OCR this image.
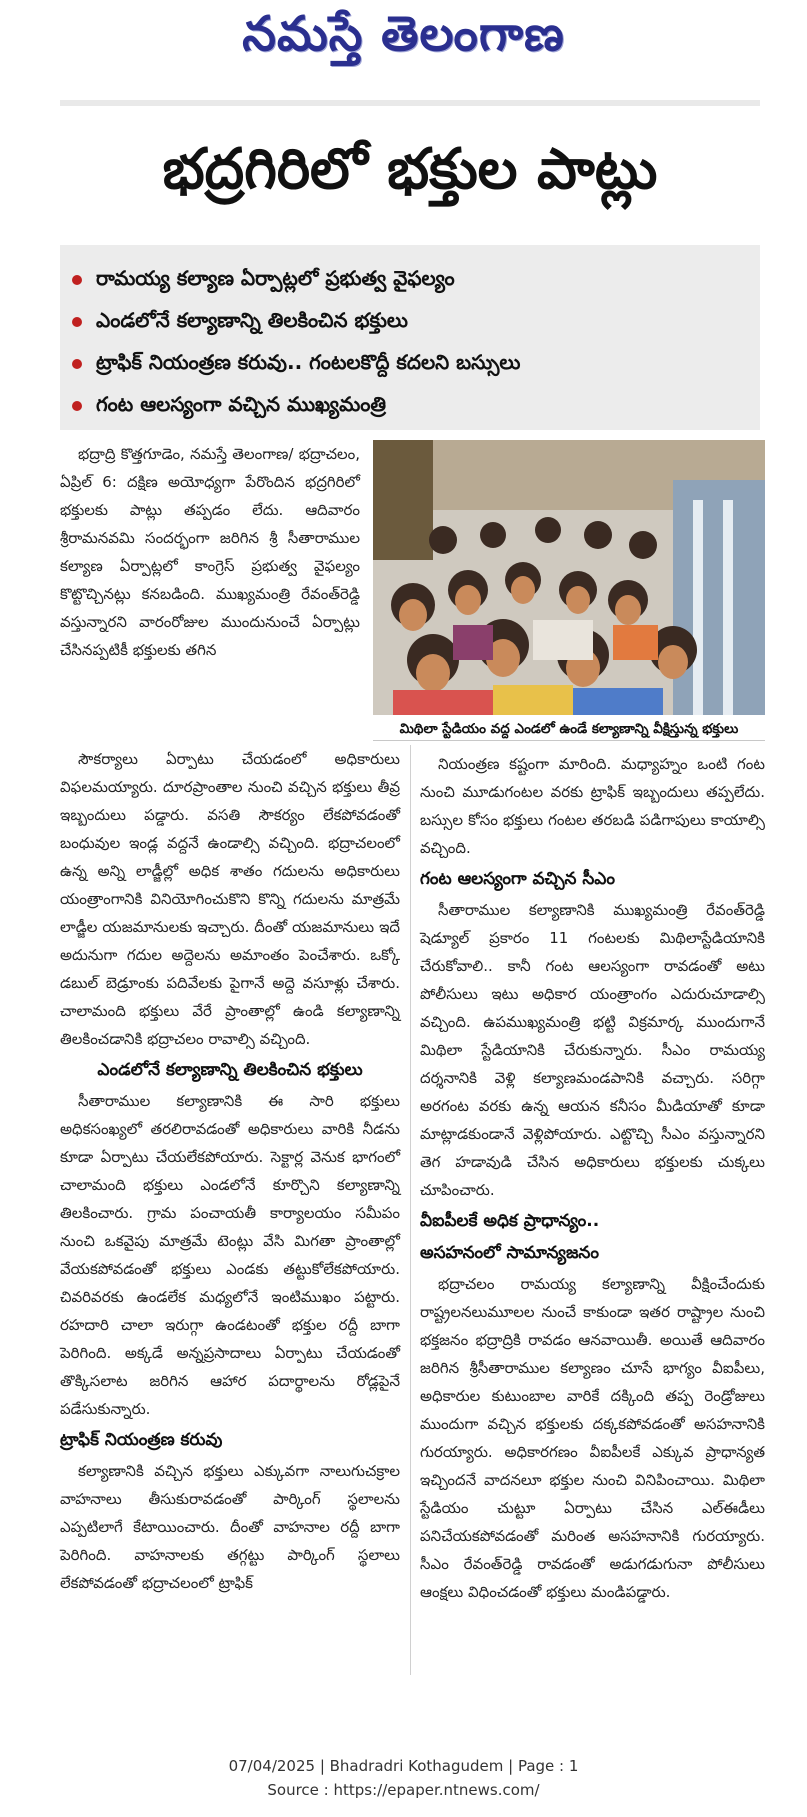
నమస్తే తెలంగాణ
భద్రగిరిలో భక్తుల పాట్లు
రామయ్య కల్యాణ ఏర్పాట్లలో ప్రభుత్వ వైఫల్యం
ఎండలోనే కల్యాణాన్ని తిలకించిన భక్తులు
ట్రాఫిక్ నియంత్రణ కరువు.. గంటలకొద్దీ కదలని బస్సులు
గంట ఆలస్యంగా వచ్చిన ముఖ్యమంత్రి

భద్రాద్రి కొత్తగూడెం, నమస్తే తెలంగాణ/ భద్రాచలం, ఏప్రిల్ 6: దక్షిణ అయోధ్యగా పేరొందిన భద్రగిరిలో భక్తులకు పాట్లు తప్పడం లేదు. ఆదివారం శ్రీరామనవమి సందర్భంగా జరిగిన శ్రీ సీతారాముల కల్యాణ ఏర్పాట్లలో కాంగ్రెస్ ప్రభుత్వ వైఫల్యం కొట్టొచ్చినట్లు కనబడింది. ముఖ్యమంత్రి రేవంత్‌రెడ్డి వస్తున్నారని వారంరోజుల ముందునుంచే ఏర్పాట్లు చేసినప్పటికీ భక్తులకు తగిన

మిథిలా స్టేడియం వద్ద ఎండలో ఉండే కల్యాణాన్ని వీక్షిస్తున్న భక్తులు

సౌకర్యాలు ఏర్పాటు చేయడంలో అధికారులు విఫలమయ్యారు. దూరప్రాంతాల నుంచి వచ్చిన భక్తులు తీవ్ర ఇబ్బందులు పడ్డారు. వసతి సౌకర్యం లేకపోవడంతో బంధువుల ఇండ్ల వద్దనే ఉండాల్సి వచ్చింది. భద్రాచలంలో ఉన్న అన్ని లాడ్జీల్లో అధిక శాతం గదులను అధికారులు యంత్రాంగానికి వినియోగించుకొని కొన్ని గదులను మాత్రమే లాడ్జీల యజమానులకు ఇచ్చారు. దీంతో యజమానులు ఇదే అదునుగా గదుల అద్దెలను అమాంతం పెంచేశారు. ఒక్కో డబుల్ బెడ్రూంకు పదివేలకు పైగానే అద్దె వసూళ్లు చేశారు. చాలామంది భక్తులు వేరే ప్రాంతాల్లో ఉండి కల్యాణాన్ని తిలకించడానికి భద్రాచలం రావాల్సి వచ్చింది.

ఎండలోనే కల్యాణాన్ని తిలకించిన భక్తులు

సీతారాముల కల్యాణానికి ఈ సారి భక్తులు అధికసంఖ్యలో తరలిరావడంతో అధికారులు వారికి నీడను కూడా ఏర్పాటు చేయలేకపోయారు. సెక్టార్ల వెనుక భాగంలో చాలామంది భక్తులు ఎండలోనే కూర్చొని కల్యాణాన్ని తిలకించారు. గ్రామ పంచాయతీ కార్యాలయం సమీపం నుంచి ఒకవైపు మాత్రమే టెంట్లు వేసి మిగతా ప్రాంతాల్లో వేయకపోవడంతో భక్తులు ఎండకు తట్టుకోలేకపోయారు. చివరివరకు ఉండలేక మధ్యలోనే ఇంటిముఖం పట్టారు. రహదారి చాలా ఇరుగ్గా ఉండటంతో భక్తుల రద్దీ బాగా పెరిగింది. అక్కడే అన్నప్రసాదాలు ఏర్పాటు చేయడంతో తొక్కిసలాట జరిగిన ఆహార పదార్థాలను రోడ్లపైనే పడేసుకున్నారు.

ట్రాఫిక్ నియంత్రణ కరువు

కల్యాణానికి వచ్చిన భక్తులు ఎక్కువగా నాలుగుచక్రాల వాహనాలు తీసుకురావడంతో పార్కింగ్ స్థలాలను ఎప్పటిలాగే కేటాయించారు. దీంతో వాహనాల రద్దీ బాగా పెరిగింది. వాహనాలకు తగ్గట్టు పార్కింగ్ స్థలాలు లేకపోవడంతో భద్రాచలంలో ట్రాఫిక్

నియంత్రణ కష్టంగా మారింది. మధ్యాహ్నం ఒంటి గంట నుంచి మూడుగంటల వరకు ట్రాఫిక్ ఇబ్బందులు తప్పలేదు. బస్సుల కోసం భక్తులు గంటల తరబడి పడిగాపులు కాయాల్సి వచ్చింది.

గంట ఆలస్యంగా వచ్చిన సీఎం

సీతారాముల కల్యాణానికి ముఖ్యమంత్రి రేవంత్‌రెడ్డి షెడ్యూల్ ప్రకారం 11 గంటలకు మిథిలాస్టేడియానికి చేరుకోవాలి.. కానీ గంట ఆలస్యంగా రావడంతో అటు పోలీసులు ఇటు అధికార యంత్రాంగం ఎదురుచూడాల్సి వచ్చింది. ఉపముఖ్యమంత్రి భట్టి విక్రమార్క ముందుగానే మిథిలా స్టేడియానికి చేరుకున్నారు. సీఎం రామయ్య దర్శనానికి వెళ్లి కల్యాణమండపానికి వచ్చారు. సరిగ్గా అరగంట వరకు ఉన్న ఆయన కనీసం మీడియాతో కూడా మాట్లాడకుండానే వెళ్లిపోయారు. ఎట్టొచ్చి సీఎం వస్తున్నారని తెగ హడావుడి చేసిన అధికారులు భక్తులకు చుక్కలు చూపించారు.

వీఐపీలకే అధిక ప్రాధాన్యం..

అసహనంలో సామాన్యజనం

భద్రాచలం రామయ్య కల్యాణాన్ని వీక్షించేందుకు రాష్ట్రలనలుమూలల నుంచే కాకుండా ఇతర రాష్ట్రాల నుంచి భక్తజనం భద్రాద్రికి రావడం ఆనవాయితీ. అయితే ఆదివారం జరిగిన శ్రీసీతారాముల కల్యాణం చూసే భాగ్యం వీఐపీలు, అధికారుల కుటుంబాల వారికే దక్కింది తప్ప రెండ్రోజులు ముందుగా వచ్చిన భక్తులకు దక్కకపోవడంతో అసహనానికి గురయ్యారు. అధికారగణం వీఐపీలకే ఎక్కువ ప్రాధాన్యత ఇచ్చిందనే వాదనలూ భక్తుల నుంచి వినిపించాయి. మిథిలా స్టేడియం చుట్టూ ఏర్పాటు చేసిన ఎల్ఈడీలు పనిచేయకపోవడంతో మరింత అసహనానికి గురయ్యారు. సీఎం రేవంత్‌రెడ్డి రావడంతో అడుగడుగునా పోలీసులు ఆంక్షలు విధించడంతో భక్తులు మండిపడ్డారు.

07/04/2025 | Bhadradri Kothagudem | Page : 1
Source : https://epaper.ntnews.com/
